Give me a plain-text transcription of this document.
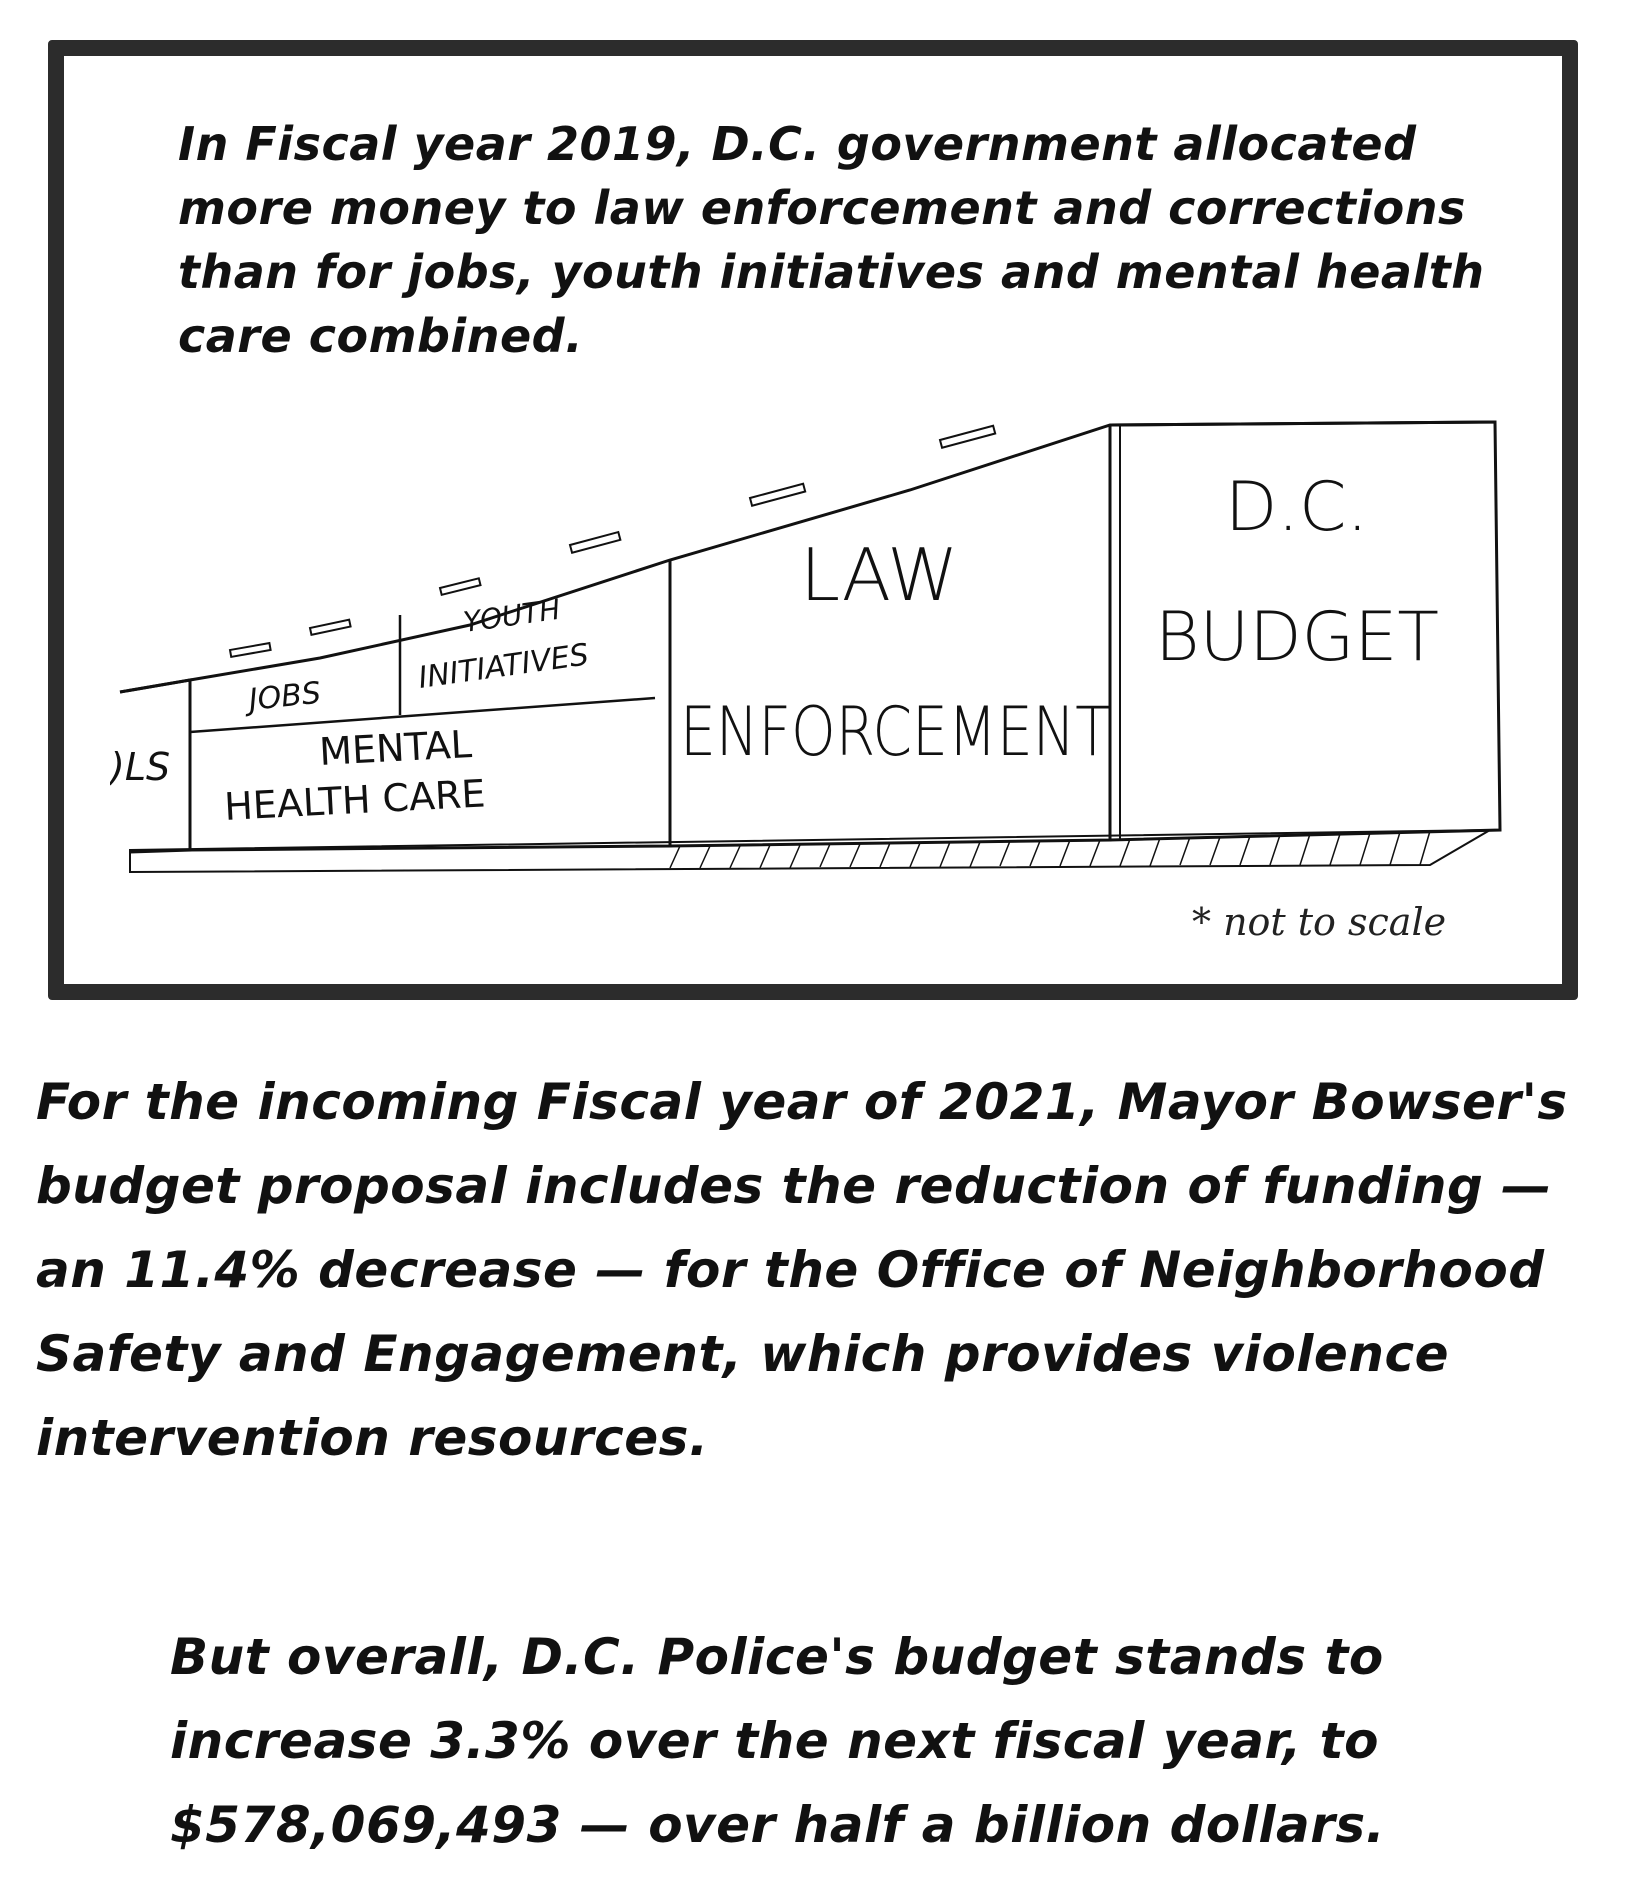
In Fiscal year 2019, D.C. government allocated more money to law enforcement and corrections than for jobs, youth initiatives and mental health care combined.

)LS
JOBS
YOUTH
INITIATIVES
MENTAL
HEALTH CARE
LAW
ENFORCEMENT
D.C.
BUDGET

* not to scale

For the incoming Fiscal year of 2021, Mayor Bowser's budget proposal includes the reduction of funding — an 11.4% decrease — for the Office of Neighborhood Safety and Engagement, which provides violence intervention resources.

But overall, D.C. Police's budget stands to increase 3.3% over the next fiscal year, to $578,069,493 — over half a billion dollars.
